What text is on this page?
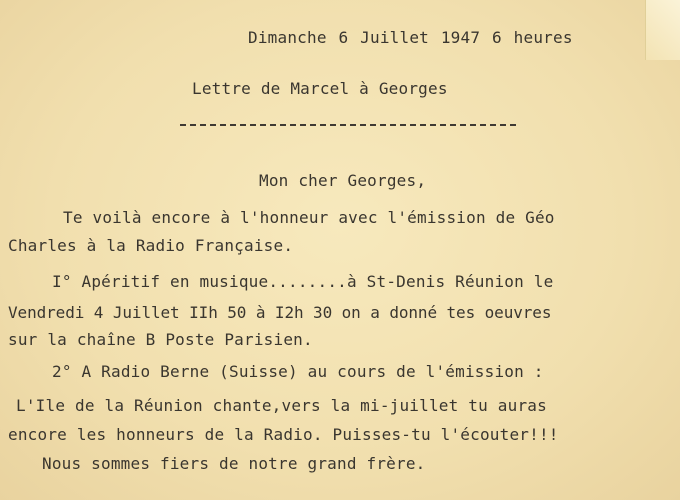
Dimanche 6 Juillet 1947 6 heures
Lettre de Marcel à Georges
Mon cher Georges,
Te voilà encore à l'honneur avec l'émission de Géo
Charles à la Radio Française.
I° Apéritif en musique........à St-Denis Réunion le
Vendredi 4 Juillet IIh 50 à I2h 30 on a donné tes oeuvres
sur la chaîne B Poste Parisien.
2° A Radio Berne (Suisse) au cours de l'émission :
L'Ile de la Réunion chante,vers la mi-juillet tu auras
encore les honneurs de la Radio. Puisses-tu l'écouter!!!
Nous sommes fiers de notre grand frère.
